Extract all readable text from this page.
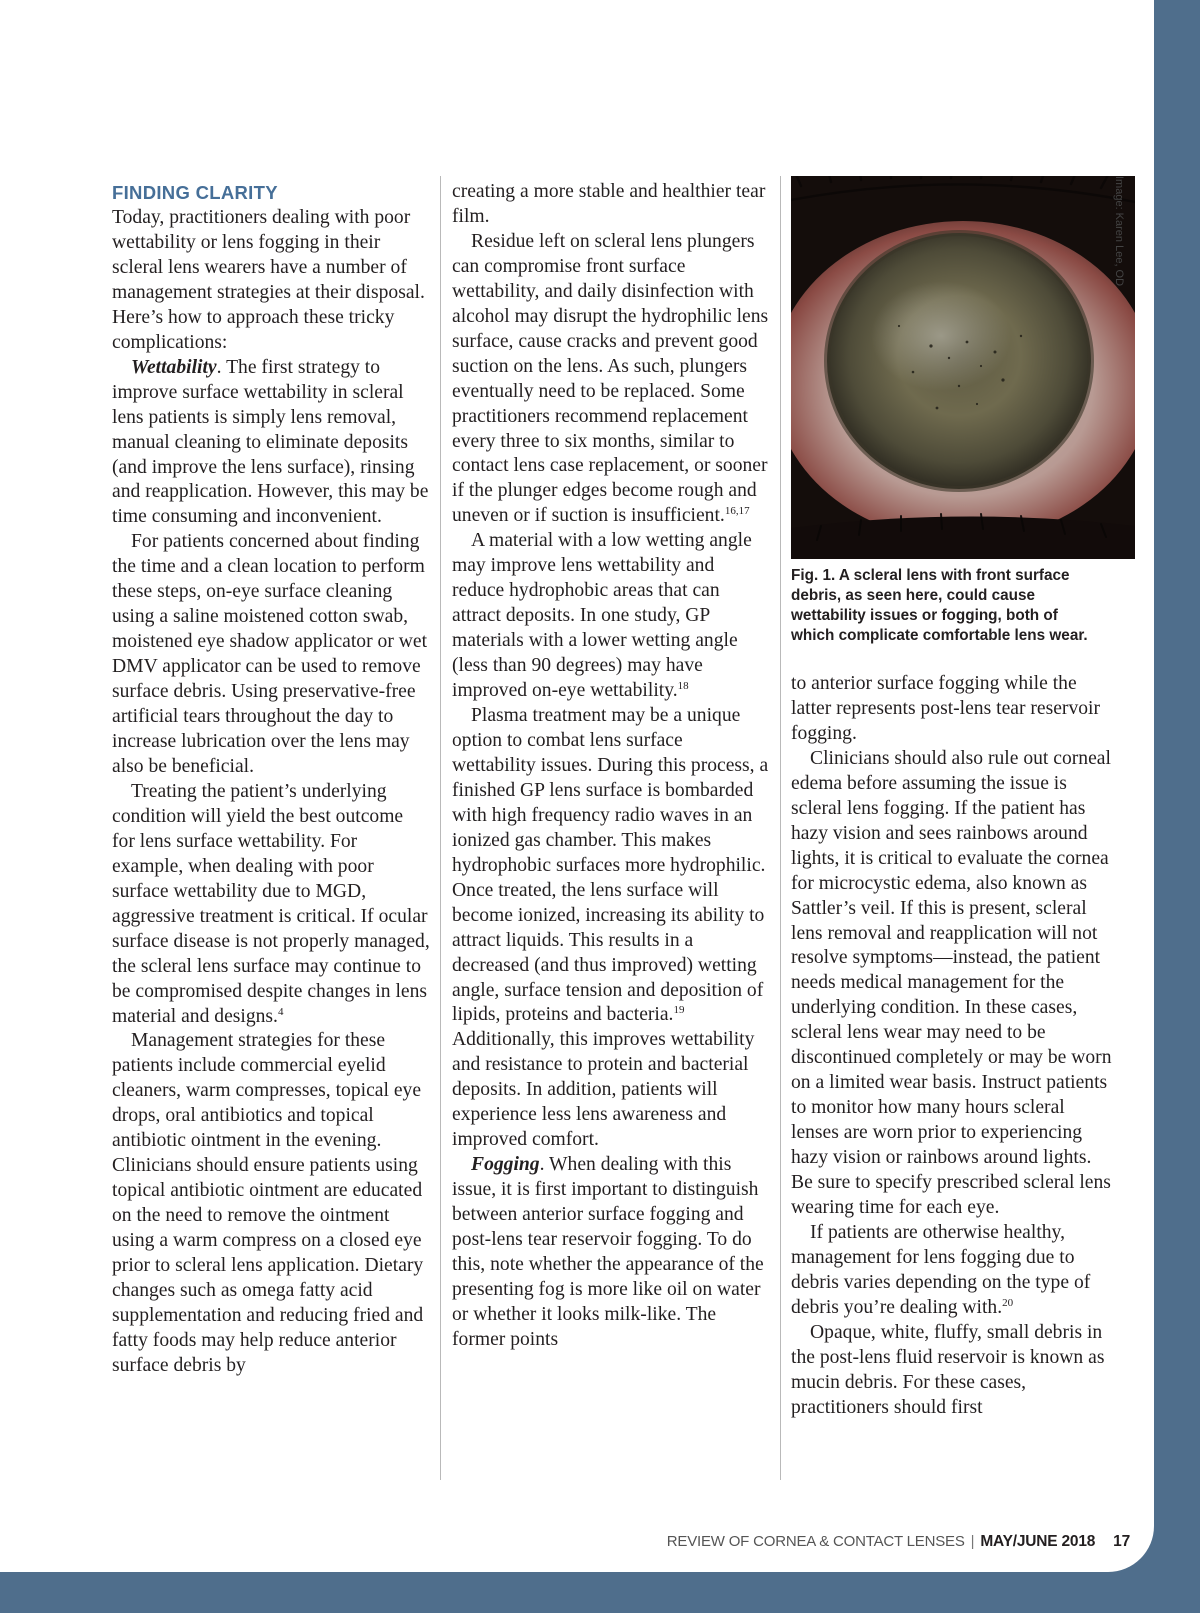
FINDING CLARITY

Today, practitioners dealing with poor wettability or lens fogging in their scleral lens wearers have a number of management strategies at their disposal. Here’s how to approach these tricky complications:

Wettability. The first strategy to improve surface wettability in scleral lens patients is simply lens removal, manual cleaning to eliminate deposits (and improve the lens surface), rinsing and reapplication. However, this may be time consuming and inconvenient.

For patients concerned about finding the time and a clean location to perform these steps, on-eye surface cleaning using a saline moistened cotton swab, moistened eye shadow applicator or wet DMV applicator can be used to remove surface debris. Using preservative-free artificial tears throughout the day to increase lubrication over the lens may also be beneficial.

Treating the patient’s underlying condition will yield the best outcome for lens surface wettability. For example, when dealing with poor surface wettability due to MGD, aggressive treatment is critical. If ocular surface disease is not properly managed, the scleral lens surface may continue to be compromised despite changes in lens material and designs.$^4$

Management strategies for these patients include commercial eyelid cleaners, warm compresses, topical eye drops, oral antibiotics and topical antibiotic ointment in the evening. Clinicians should ensure patients using topical antibiotic ointment are educated on the need to remove the ointment using a warm compress on a closed eye prior to scleral lens application. Dietary changes such as omega fatty acid supplementation and reducing fried and fatty foods may help reduce anterior surface debris by

creating a more stable and healthier tear film.

Residue left on scleral lens plungers can compromise front surface wettability, and daily disinfection with alcohol may disrupt the hydrophilic lens surface, cause cracks and prevent good suction on the lens. As such, plungers eventually need to be replaced. Some practitioners recommend replacement every three to six months, similar to contact lens case replacement, or sooner if the plunger edges become rough and uneven or if suction is insufficient.$^{16,17}$

A material with a low wetting angle may improve lens wettability and reduce hydrophobic areas that can attract deposits. In one study, GP materials with a lower wetting angle (less than 90 degrees) may have improved on-eye wettability.$^{18}$

Plasma treatment may be a unique option to combat lens surface wettability issues. During this process, a finished GP lens surface is bombarded with high frequency radio waves in an ionized gas chamber. This makes hydrophobic surfaces more hydrophilic. Once treated, the lens surface will become ionized, increasing its ability to attract liquids. This results in a decreased (and thus improved) wetting angle, surface tension and deposition of lipids, proteins and bacteria.$^{19}$ Additionally, this improves wettability and resistance to protein and bacterial deposits. In addition, patients will experience less lens awareness and improved comfort.

Fogging. When dealing with this issue, it is first important to distinguish between anterior surface fogging and post-lens tear reservoir fogging. To do this, note whether the appearance of the presenting fog is more like oil on water or whether it looks milk-like. The former points

Fig. 1. A scleral lens with front surface debris, as seen here, could cause wettability issues or fogging, both of which complicate comfortable lens wear.

Image: Karen Lee, OD

to anterior surface fogging while the latter represents post-lens tear reservoir fogging.

Clinicians should also rule out corneal edema before assuming the issue is scleral lens fogging. If the patient has hazy vision and sees rainbows around lights, it is critical to evaluate the cornea for microcystic edema, also known as Sattler’s veil. If this is present, scleral lens removal and reapplication will not resolve symptoms—instead, the patient needs medical management for the underlying condition. In these cases, scleral lens wear may need to be discontinued completely or may be worn on a limited wear basis. Instruct patients to monitor how many hours scleral lenses are worn prior to experiencing hazy vision or rainbows around lights. Be sure to specify prescribed scleral lens wearing time for each eye.

If patients are otherwise healthy, management for lens fogging due to debris varies depending on the type of debris you’re dealing with.$^{20}$

Opaque, white, fluffy, small debris in the post-lens fluid reservoir is known as mucin debris. For these cases, practitioners should first

REVIEW OF CORNEA & CONTACT LENSES | MAY/JUNE 2018 17
